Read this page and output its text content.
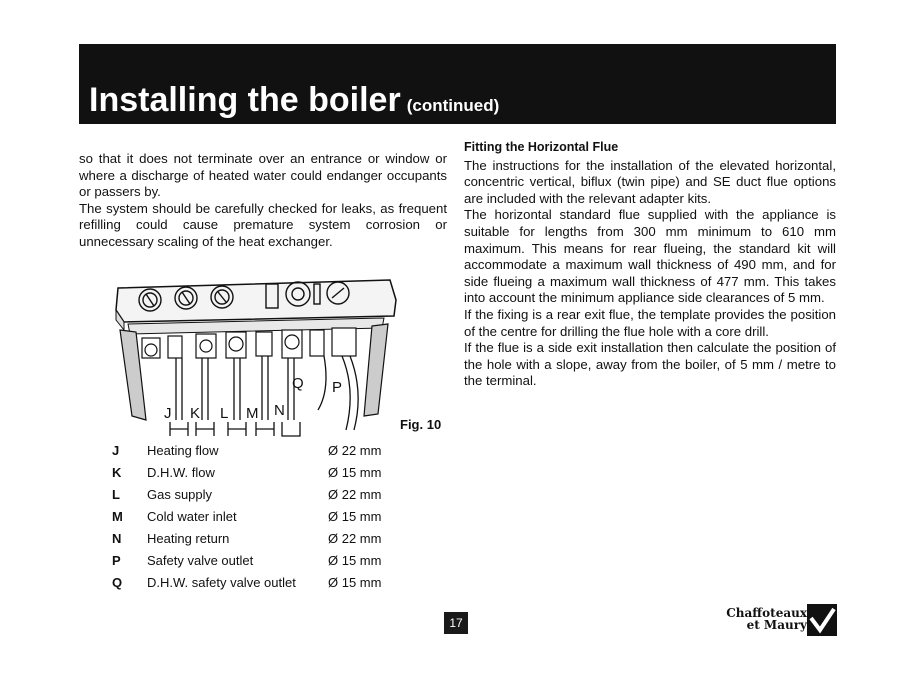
Installing the boiler (continued)

so that it does not terminate over an entrance or window or where a discharge of heated water could endanger occupants or passers by.

The system should be carefully checked for leaks, as frequent refilling could cause premature system corrosion or unnecessary scaling of the heat exchanger.

J K L M N
P
Q
Fig. 10
J	Heating flow	Ø 22 mm
K	D.H.W. flow	Ø 15 mm
L	Gas supply	Ø 22 mm
M	Cold water inlet	Ø 15 mm
N	Heating return	Ø 22 mm
P	Safety valve outlet	Ø 15 mm
Q	D.H.W. safety valve outlet Ø 15 mm
Fitting the Horizontal Flue

The instructions for the installation of the elevated horizontal, concentric vertical, biflux (twin pipe) and SE duct flue options are included with the relevant adapter kits.

The horizontal standard flue supplied with the appliance is suitable for lengths from 300 mm minimum to 610 mm maximum. This means for rear flueing, the standard kit will accommodate a maximum wall thickness of 490 mm, and for side flueing a maximum wall thickness of 477 mm. This takes into account the minimum appliance side clearances of 5 mm.

If the fixing is a rear exit flue, the template provides the position of the centre for drilling the flue hole with a core drill.

If the flue is a side exit installation then calculate the position of the hole with a slope, away from the boiler, of 5 mm / metre to the terminal.

17
Chaffoteaux
et Maury
